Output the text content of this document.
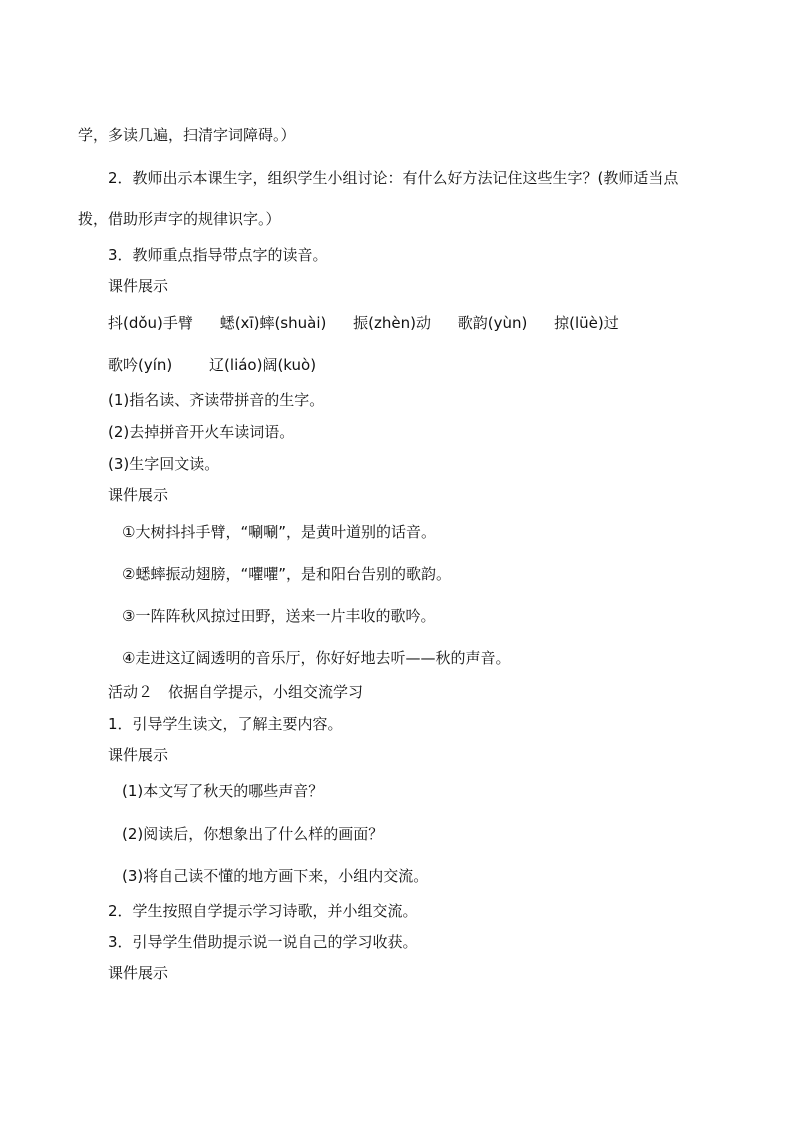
学，多读几遍，扫清字词障碍。）
2．教师出示本课生字，组织学生小组讨论：有什么好方法记住这些生字？(教师适当点
拨，借助形声字的规律识字。）
3．教师重点指导带点字的读音。
课件展示
抖(dǒu)手臂 蟋(xī)蟀(shuài) 振(zhèn)动 歌韵(yùn) 掠(lüè)过
歌吟(yín) 辽(liáo)阔(kuò)
(1)指名读、齐读带拼音的生字。
(2)去掉拼音开火车读词语。
(3)生字回文读。
课件展示
①大树抖抖手臂，“唰唰”，是黄叶道别的话音。
②蟋蟀振动翅膀，“㘗㘗”，是和阳台告别的歌韵。
③一阵阵秋风掠过田野，送来一片丰收的歌吟。
④走进这辽阔透明的音乐厅，你好好地去听——秋的声音。
活动２　依据自学提示，小组交流学习
1．引导学生读文，了解主要内容。
课件展示
(1)本文写了秋天的哪些声音？
(2)阅读后，你想象出了什么样的画面？
(3)将自己读不懂的地方画下来，小组内交流。
2．学生按照自学提示学习诗歌，并小组交流。
3．引导学生借助提示说一说自己的学习收获。
课件展示
